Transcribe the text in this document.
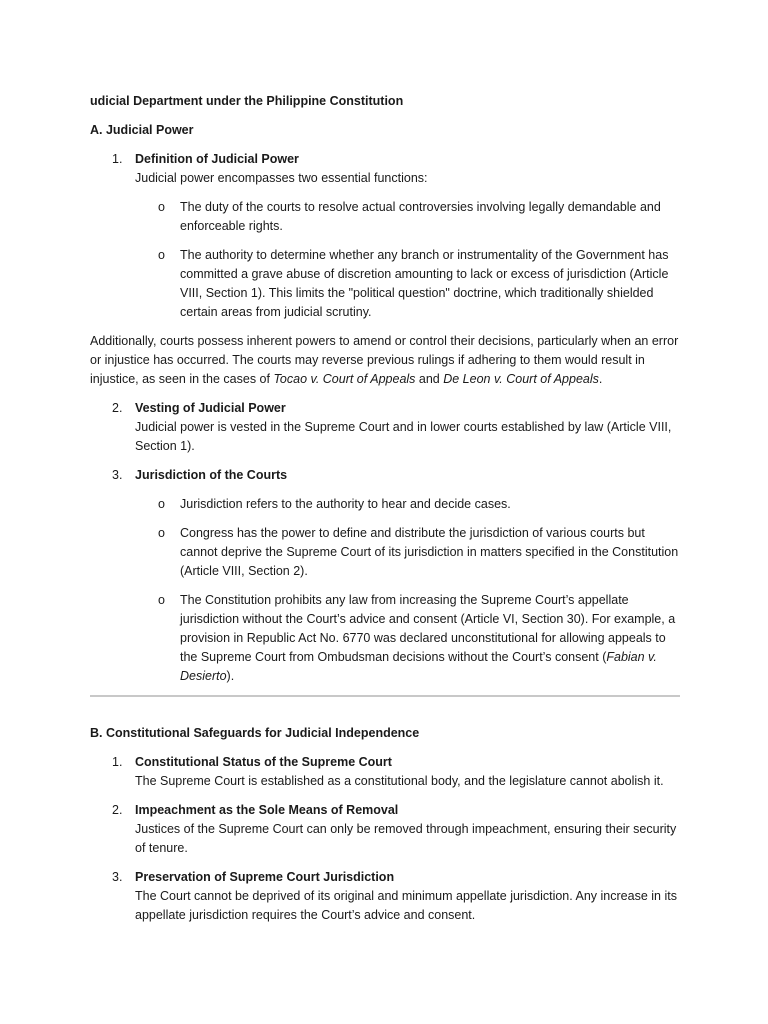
udicial Department under the Philippine Constitution
A. Judicial Power
1. Definition of Judicial Power
Judicial power encompasses two essential functions:
o The duty of the courts to resolve actual controversies involving legally demandable and enforceable rights.
o The authority to determine whether any branch or instrumentality of the Government has committed a grave abuse of discretion amounting to lack or excess of jurisdiction (Article VIII, Section 1). This limits the "political question" doctrine, which traditionally shielded certain areas from judicial scrutiny.
Additionally, courts possess inherent powers to amend or control their decisions, particularly when an error or injustice has occurred. The courts may reverse previous rulings if adhering to them would result in injustice, as seen in the cases of Tocao v. Court of Appeals and De Leon v. Court of Appeals.
2. Vesting of Judicial Power
Judicial power is vested in the Supreme Court and in lower courts established by law (Article VIII, Section 1).
3. Jurisdiction of the Courts
o Jurisdiction refers to the authority to hear and decide cases.
o Congress has the power to define and distribute the jurisdiction of various courts but cannot deprive the Supreme Court of its jurisdiction in matters specified in the Constitution (Article VIII, Section 2).
o The Constitution prohibits any law from increasing the Supreme Court’s appellate jurisdiction without the Court’s advice and consent (Article VI, Section 30). For example, a provision in Republic Act No. 6770 was declared unconstitutional for allowing appeals to the Supreme Court from Ombudsman decisions without the Court’s consent (Fabian v. Desierto).
B. Constitutional Safeguards for Judicial Independence
1. Constitutional Status of the Supreme Court
The Supreme Court is established as a constitutional body, and the legislature cannot abolish it.
2. Impeachment as the Sole Means of Removal
Justices of the Supreme Court can only be removed through impeachment, ensuring their security of tenure.
3. Preservation of Supreme Court Jurisdiction
The Court cannot be deprived of its original and minimum appellate jurisdiction. Any increase in its appellate jurisdiction requires the Court’s advice and consent.
